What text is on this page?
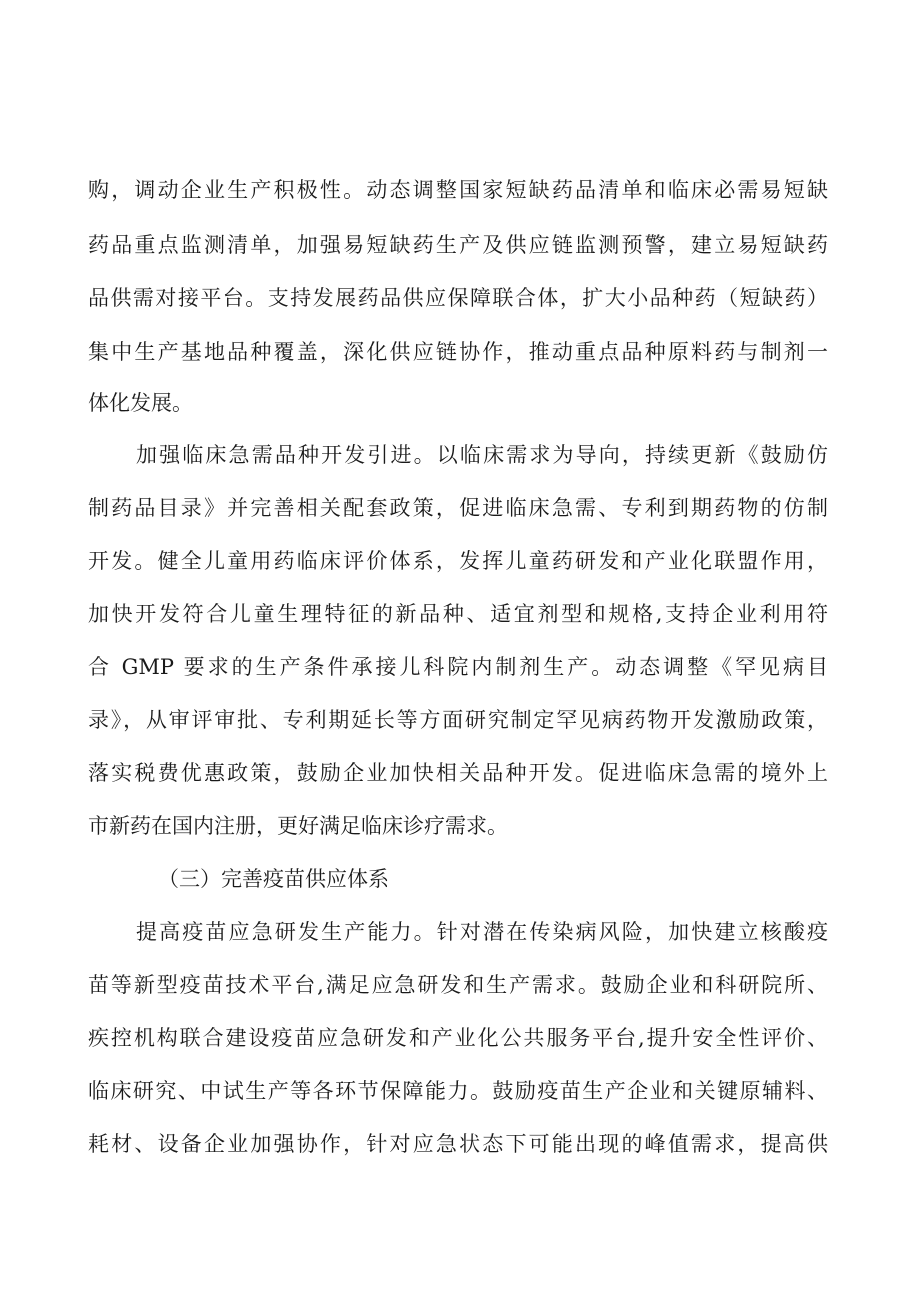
购，调动企业生产积极性。动态调整国家短缺药品清单和临床必需易短缺
药品重点监测清单，加强易短缺药生产及供应链监测预警，建立易短缺药
品供需对接平台。支持发展药品供应保障联合体，扩大小品种药（短缺药）
集中生产基地品种覆盖，深化供应链协作，推动重点品种原料药与制剂一
体化发展。
加强临床急需品种开发引进。以临床需求为导向，持续更新《鼓励仿
制药品目录》并完善相关配套政策，促进临床急需、专利到期药物的仿制
开发。健全儿童用药临床评价体系，发挥儿童药研发和产业化联盟作用，
加快开发符合儿童生理特征的新品种、适宜剂型和规格,支持企业利用符
合 GMP 要求的生产条件承接儿科院内制剂生产。动态调整《罕见病目
录》，从审评审批、专利期延长等方面研究制定罕见病药物开发激励政策，
落实税费优惠政策，鼓励企业加快相关品种开发。促进临床急需的境外上
市新药在国内注册，更好满足临床诊疗需求。
（三）完善疫苗供应体系
提高疫苗应急研发生产能力。针对潜在传染病风险，加快建立核酸疫
苗等新型疫苗技术平台,满足应急研发和生产需求。鼓励企业和科研院所、
疾控机构联合建设疫苗应急研发和产业化公共服务平台,提升安全性评价、
临床研究、中试生产等各环节保障能力。鼓励疫苗生产企业和关键原辅料、
耗材、设备企业加强协作，针对应急状态下可能出现的峰值需求，提高供
